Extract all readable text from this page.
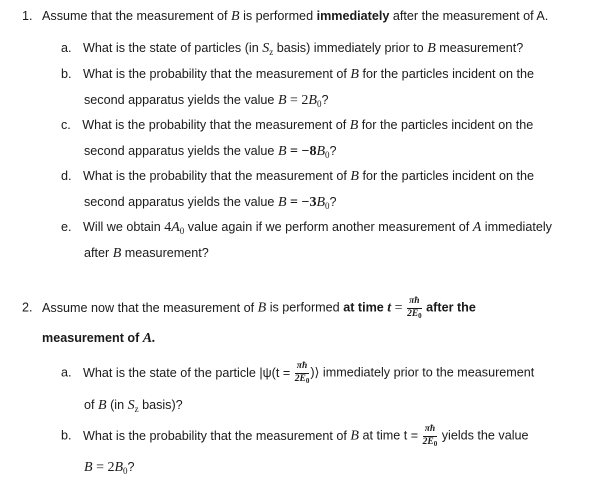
1. Assume that the measurement of B is performed immediately after the measurement of A.
a. What is the state of particles (in $S_z$ basis) immediately prior to B measurement?
b. What is the probability that the measurement of B for the particles incident on the
second apparatus yields the value $B = 2B_0$?
c. What is the probability that the measurement of B for the particles incident on the
second apparatus yields the value $B = -8B_0$?
d. What is the probability that the measurement of B for the particles incident on the
second apparatus yields the value $B = -3B_0$?
e. Will we obtain $4A_0$ value again if we perform another measurement of A immediately
after B measurement?
2. Assume now that the measurement of B is performed at time $t = \frac{\pi ħ}{2E_0}$ after the
measurement of A.
a. What is the state of the particle $|\psi(t = \frac{\pi ħ}{2E_0}$ )⟩ immediately prior to the measurement
of B (in $S_z$ basis)?
b. What is the probability that the measurement of B at time $t = \frac{\pi ħ}{2E_0}$ yields the value
$B = 2B_0$?
